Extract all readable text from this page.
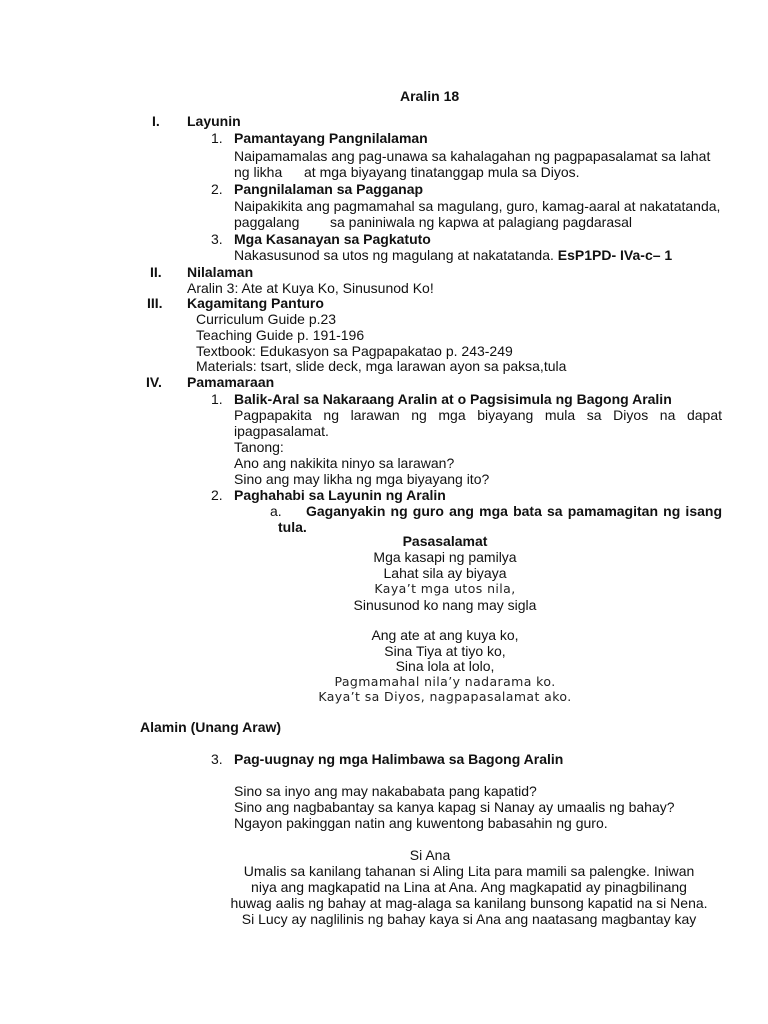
Aralin 18
I. Layunin
1. Pamantayang Pangnilalaman
Naipamamalas ang pag-unawa sa kahalagahan ng pagpapasalamat sa lahat
ng likha at mga biyayang tinatanggap mula sa Diyos.
2. Pangnilalaman sa Pagganap
Naipakikita ang pagmamahal sa magulang, guro, kamag-aaral at nakatatanda,
paggalang sa paniniwala ng kapwa at palagiang pagdarasal
3. Mga Kasanayan sa Pagkatuto
Nakasusunod sa utos ng magulang at nakatatanda. EsP1PD- IVa-c– 1
II. Nilalaman
Aralin 3: Ate at Kuya Ko, Sinusunod Ko!
III. Kagamitang Panturo
Curriculum Guide p.23
Teaching Guide p. 191-196
Textbook: Edukasyon sa Pagpapakatao p. 243-249
Materials: tsart, slide deck, mga larawan ayon sa paksa,tula
IV. Pamamaraan
1. Balik-Aral sa Nakaraang Aralin at o Pagsisimula ng Bagong Aralin
Pagpapakita ng larawan ng mga biyayang mula sa Diyos na dapat
ipagpasalamat.
Tanong:
Ano ang nakikita ninyo sa larawan?
Sino ang may likha ng mga biyayang ito?
2. Paghahabi sa Layunin ng Aralin
a. Gaganyakin ng guro ang mga bata sa pamamagitan ng isang
tula.
Pasasalamat
Mga kasapi ng pamilya
Lahat sila ay biyaya
Kaya’t mga utos nila,
Sinusunod ko nang may sigla
Ang ate at ang kuya ko,
Sina Tiya at tiyo ko,
Sina lola at lolo,
Pagmamahal nila’y nadarama ko.
Kaya’t sa Diyos, nagpapasalamat ako.
Alamin (Unang Araw)
3. Pag-uugnay ng mga Halimbawa sa Bagong Aralin
Sino sa inyo ang may nakababata pang kapatid?
Sino ang nagbabantay sa kanya kapag si Nanay ay umaalis ng bahay?
Ngayon pakinggan natin ang kuwentong babasahin ng guro.
Si Ana
Umalis sa kanilang tahanan si Aling Lita para mamili sa palengke. Iniwan
niya ang magkapatid na Lina at Ana. Ang magkapatid ay pinagbilinang
huwag aalis ng bahay at mag-alaga sa kanilang bunsong kapatid na si Nena.
Si Lucy ay naglilinis ng bahay kaya si Ana ang naatasang magbantay kay
